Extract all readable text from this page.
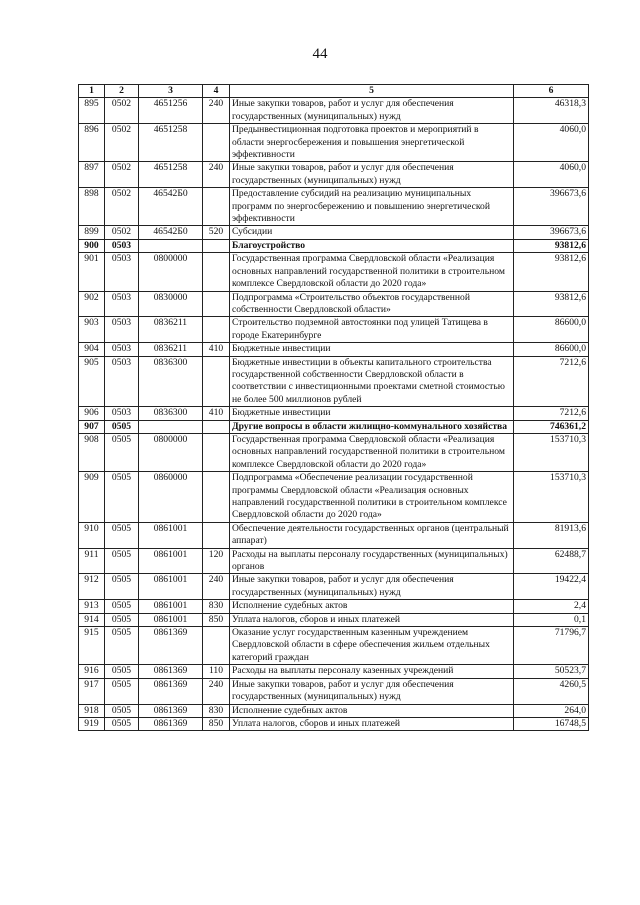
44
1	2	3	4	5	6
895	0502	4651256	240	Иные закупки товаров, работ и услуг для обеспечения государственных (муниципальных) нужд	46318,3
896	0502	4651258		Предынвестиционная подготовка проектов и мероприятий в области энергосбережения и повышения энергетической эффективности	4060,0
897	0502	4651258	240	Иные закупки товаров, работ и услуг для обеспечения государственных (муниципальных) нужд	4060,0
898	0502	46542Б0		Предоставление субсидий на реализацию муниципальных программ по энергосбережению и повышению энергетической эффективности	396673,6
899	0502	46542Б0	520	Субсидии	396673,6
900	0503			Благоустройство	93812,6
901	0503	0800000		Государственная программа Свердловской области «Реализация основных направлений государственной политики в строительном комплексе Свердловской области до 2020 года»	93812,6
902	0503	0830000		Подпрограмма «Строительство объектов государственной собственности Свердловской области»	93812,6
903	0503	0836211		Строительство подземной автостоянки под улицей Татищева в городе Екатеринбурге	86600,0
904	0503	0836211	410	Бюджетные инвестиции	86600,0
905	0503	0836300		Бюджетные инвестиции в объекты капитального строительства государственной собственности Свердловской области в соответствии с инвестиционными проектами сметной стоимостью не более 500 миллионов рублей	7212,6
906	0503	0836300	410	Бюджетные инвестиции	7212,6
907	0505			Другие вопросы в области жилищно-коммунального хозяйства	746361,2
908	0505	0800000		Государственная программа Свердловской области «Реализация основных направлений государственной политики в строительном комплексе Свердловской области до 2020 года»	153710,3
909	0505	0860000		Подпрограмма «Обеспечение реализации государственной программы Свердловской области «Реализация основных направлений государственной политики в строительном комплексе Свердловской области до 2020 года»	153710,3
910	0505	0861001		Обеспечение деятельности государственных органов (центральный аппарат)	81913,6
911	0505	0861001	120	Расходы на выплаты персоналу государственных (муниципальных) органов	62488,7
912	0505	0861001	240	Иные закупки товаров, работ и услуг для обеспечения государственных (муниципальных) нужд	19422,4
913	0505	0861001	830	Исполнение судебных актов	2,4
914	0505	0861001	850	Уплата налогов, сборов и иных платежей	0,1
915	0505	0861369		Оказание услуг государственным казенным учреждением Свердловской области в сфере обеспечения жильем отдельных категорий граждан	71796,7
916	0505	0861369	110	Расходы на выплаты персоналу казенных учреждений	50523,7
917	0505	0861369	240	Иные закупки товаров, работ и услуг для обеспечения государственных (муниципальных) нужд	4260,5
918	0505	0861369	830	Исполнение судебных актов	264,0
919	0505	0861369	850	Уплата налогов, сборов и иных платежей	16748,5
